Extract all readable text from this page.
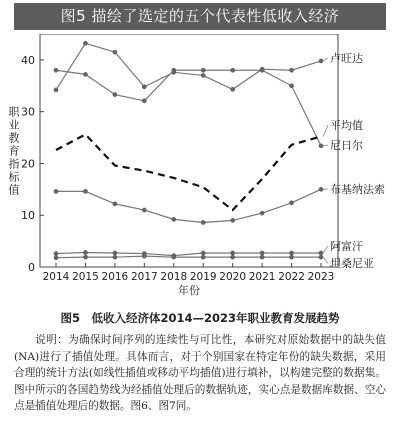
图5 描绘了选定的五个代表性低收入经济
0
10
20
30
40
2014 2015 2016 2017 2018 2019 2020 2021 2022 2023
年份
职
业
教
育
指
标
值
卢旺达
尼日尔
平均值
布基纳法索
阿富汗
坦桑尼亚
图5　低收入经济体2014—2023年职业教育发展趋势
说明：为确保时间序列的连续性与可比性，本研究对原始数据中的缺失值(NA)进行了插值处理。具体而言，对于个别国家在特定年份的缺失数据，采用合理的统计方法(如线性插值或移动平均插值)进行填补，以构建完整的数据集。图中所示的各国趋势线为经插值处理后的数据轨迹，实心点是数据库数据、空心点是插值处理后的数据。图6、图7同。
